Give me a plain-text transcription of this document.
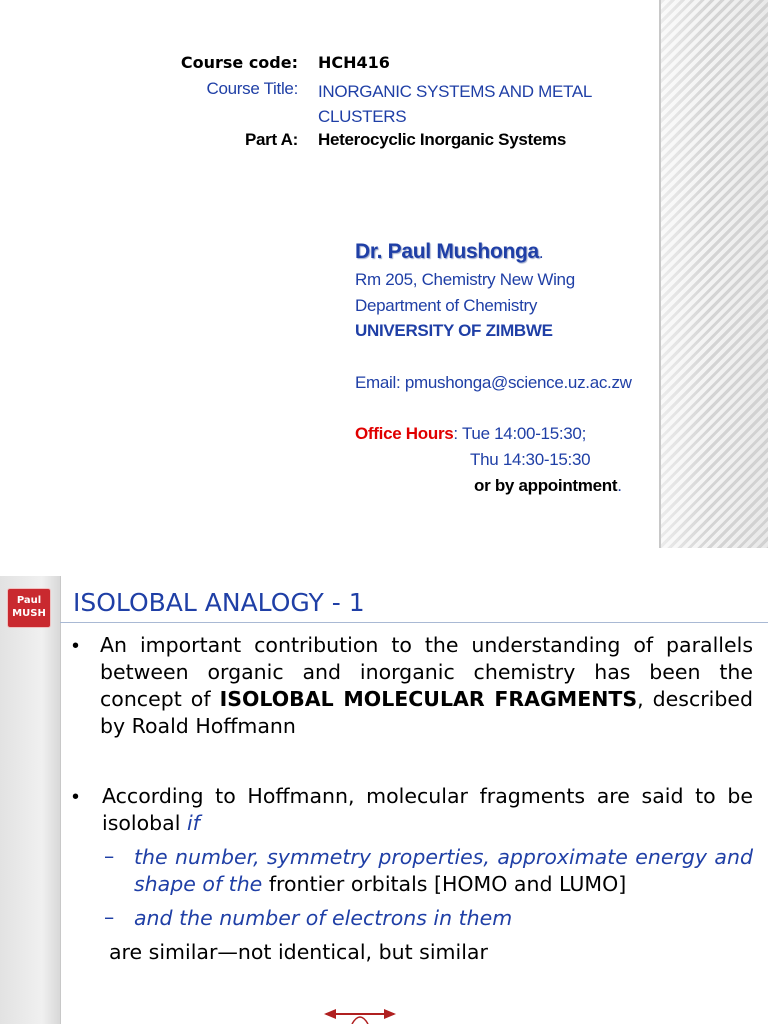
Course code: HCH416
Course Title: INORGANIC SYSTEMS AND METAL CLUSTERS
Part A: Heterocyclic Inorganic Systems
Dr. Paul Mushonga.
Rm 205, Chemistry New Wing
Department of Chemistry
UNIVERSITY OF ZIMBWE
Email: pmushonga@science.uz.ac.zw
Office Hours: Tue 14:00-15:30;
Thu 14:30-15:30
or by appointment.
Paul
MUSH ISOLOBAL ANALOGY - 1
• An important contribution to the understanding of parallels between organic and inorganic chemistry has been the concept of ISOLOBAL MOLECULAR FRAGMENTS, described by Roald Hoffmann
• According to Hoffmann, molecular fragments are said to be isolobal if
– the number, symmetry properties, approximate energy and shape of the frontier orbitals [HOMO and LUMO]
– and the number of electrons in them
are similar—not identical, but similar
